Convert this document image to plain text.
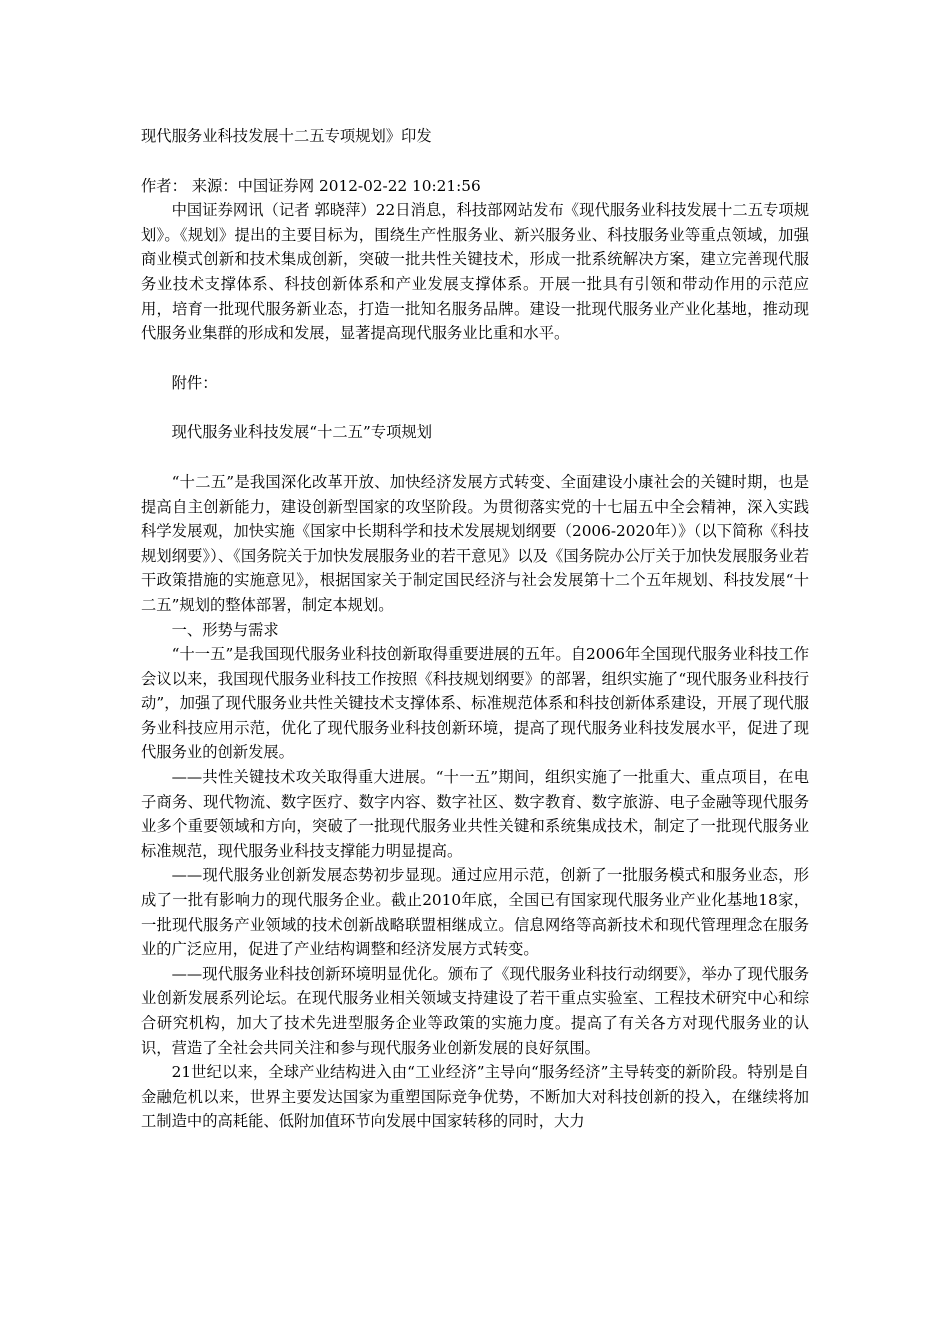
现代服务业科技发展十二五专项规划》印发

作者： 来源：中国证券网 2012-02-22 10:21:56

中国证券网讯（记者 郭晓萍）22日消息，科技部网站发布《现代服务业科技发展十二五专项规划》。《规划》提出的主要目标为，围绕生产性服务业、新兴服务业、科技服务业等重点领域，加强商业模式创新和技术集成创新，突破一批共性关键技术，形成一批系统解决方案，建立完善现代服务业技术支撑体系、科技创新体系和产业发展支撑体系。开展一批具有引领和带动作用的示范应用，培育一批现代服务新业态，打造一批知名服务品牌。建设一批现代服务业产业化基地，推动现代服务业集群的形成和发展，显著提高现代服务业比重和水平。

附件：

现代服务业科技发展“十二五”专项规划

“十二五”是我国深化改革开放、加快经济发展方式转变、全面建设小康社会的关键时期，也是提高自主创新能力，建设创新型国家的攻坚阶段。为贯彻落实党的十七届五中全会精神，深入实践科学发展观，加快实施《国家中长期科学和技术发展规划纲要（2006-2020年）》（以下简称《科技规划纲要》）、《国务院关于加快发展服务业的若干意见》以及《国务院办公厅关于加快发展服务业若干政策措施的实施意见》，根据国家关于制定国民经济与社会发展第十二个五年规划、科技发展“十二五”规划的整体部署，制定本规划。

一、形势与需求

“十一五”是我国现代服务业科技创新取得重要进展的五年。自2006年全国现代服务业科技工作会议以来，我国现代服务业科技工作按照《科技规划纲要》的部署，组织实施了“现代服务业科技行动”，加强了现代服务业共性关键技术支撑体系、标准规范体系和科技创新体系建设，开展了现代服务业科技应用示范，优化了现代服务业科技创新环境，提高了现代服务业科技发展水平，促进了现代服务业的创新发展。

——共性关键技术攻关取得重大进展。“十一五”期间，组织实施了一批重大、重点项目，在电子商务、现代物流、数字医疗、数字内容、数字社区、数字教育、数字旅游、电子金融等现代服务业多个重要领域和方向，突破了一批现代服务业共性关键和系统集成技术，制定了一批现代服务业标准规范，现代服务业科技支撑能力明显提高。

——现代服务业创新发展态势初步显现。通过应用示范，创新了一批服务模式和服务业态，形成了一批有影响力的现代服务企业。截止2010年底，全国已有国家现代服务业产业化基地18家，一批现代服务产业领域的技术创新战略联盟相继成立。信息网络等高新技术和现代管理理念在服务业的广泛应用，促进了产业结构调整和经济发展方式转变。

——现代服务业科技创新环境明显优化。颁布了《现代服务业科技行动纲要》，举办了现代服务业创新发展系列论坛。在现代服务业相关领域支持建设了若干重点实验室、工程技术研究中心和综合研究机构，加大了技术先进型服务企业等政策的实施力度。提高了有关各方对现代服务业的认识，营造了全社会共同关注和参与现代服务业创新发展的良好氛围。

21世纪以来，全球产业结构进入由“工业经济”主导向“服务经济”主导转变的新阶段。特别是自金融危机以来，世界主要发达国家为重塑国际竞争优势，不断加大对科技创新的投入，在继续将加工制造中的高耗能、低附加值环节向发展中国家转移的同时，大力
